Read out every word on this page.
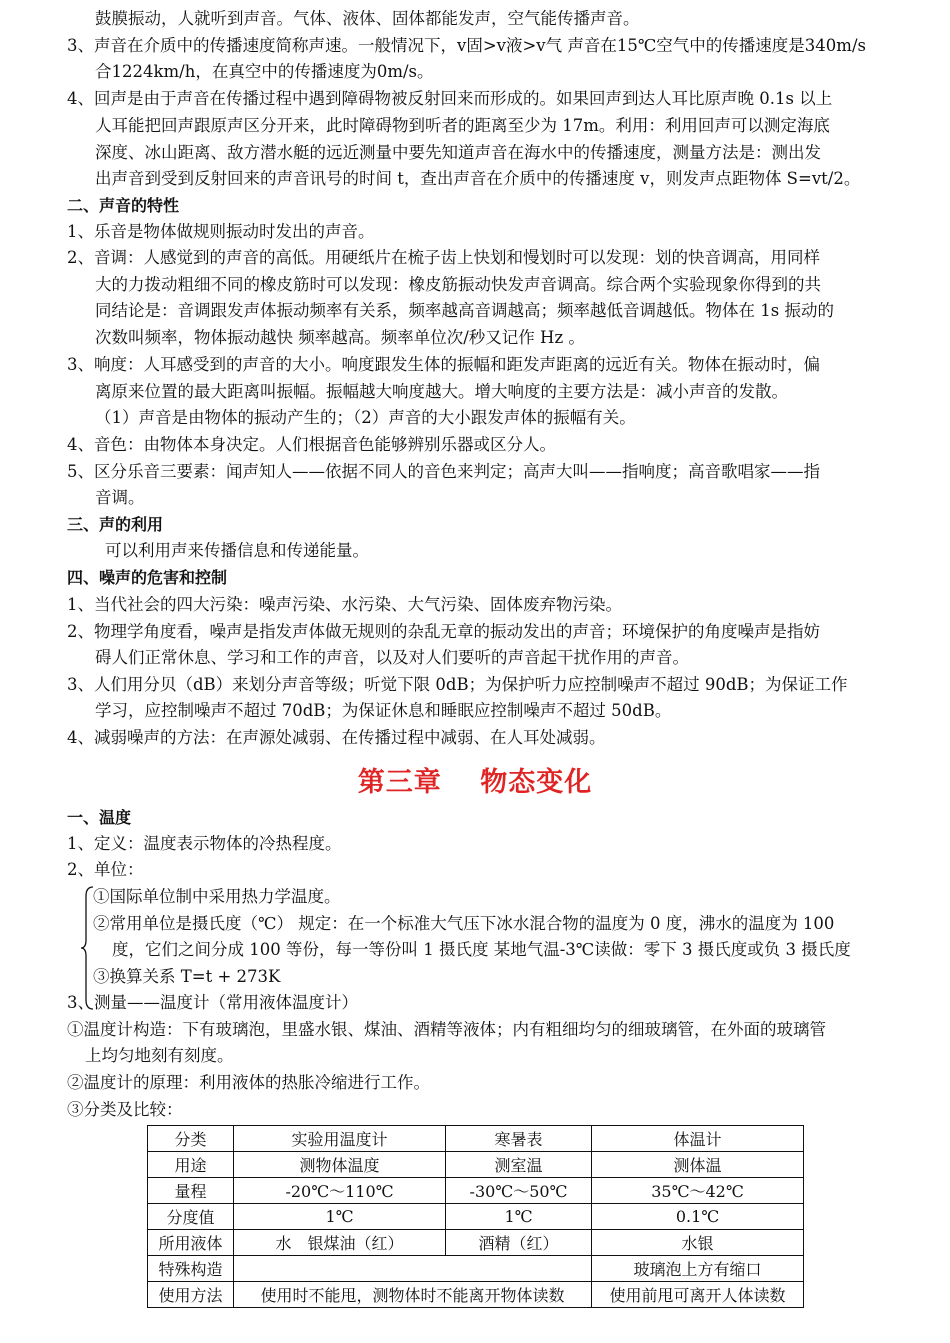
鼓膜振动，人就听到声音。气体、液体、固体都能发声，空气能传播声音。
3、声音在介质中的传播速度简称声速。一般情况下，v固>v液>v气 声音在15℃空气中的传播速度是340m/s
合1224km/h，在真空中的传播速度为0m/s。
4、回声是由于声音在传播过程中遇到障碍物被反射回来而形成的。如果回声到达人耳比原声晚 0.1s 以上
人耳能把回声跟原声区分开来，此时障碍物到听者的距离至少为 17m。利用：利用回声可以测定海底
深度、冰山距离、敌方潜水艇的远近测量中要先知道声音在海水中的传播速度，测量方法是：测出发
出声音到受到反射回来的声音讯号的时间 t，查出声音在介质中的传播速度 v，则发声点距物体 S=vt/2。
二、声音的特性
1、乐音是物体做规则振动时发出的声音。
2、音调：人感觉到的声音的高低。用硬纸片在梳子齿上快划和慢划时可以发现：划的快音调高，用同样
大的力拨动粗细不同的橡皮筋时可以发现：橡皮筋振动快发声音调高。综合两个实验现象你得到的共
同结论是：音调跟发声体振动频率有关系，频率越高音调越高；频率越低音调越低。物体在 1s 振动的
次数叫频率，物体振动越快 频率越高。频率单位次/秒又记作 Hz 。
3、响度：人耳感受到的声音的大小。响度跟发生体的振幅和距发声距离的远近有关。物体在振动时，偏
离原来位置的最大距离叫振幅。振幅越大响度越大。增大响度的主要方法是：减小声音的发散。
（1）声音是由物体的振动产生的；（2）声音的大小跟发声体的振幅有关。
4、音色：由物体本身决定。人们根据音色能够辨别乐器或区分人。
5、区分乐音三要素：闻声知人——依据不同人的音色来判定；高声大叫——指响度；高音歌唱家——指
音调。
三、声的利用
可以利用声来传播信息和传递能量。
四、噪声的危害和控制
1、当代社会的四大污染：噪声污染、水污染、大气污染、固体废弃物污染。
2、物理学角度看，噪声是指发声体做无规则的杂乱无章的振动发出的声音；环境保护的角度噪声是指妨
碍人们正常休息、学习和工作的声音，以及对人们要听的声音起干扰作用的声音。
3、人们用分贝（dB）来划分声音等级；听觉下限 0dB；为保护听力应控制噪声不超过 90dB；为保证工作
学习，应控制噪声不超过 70dB；为保证休息和睡眠应控制噪声不超过 50dB。
4、减弱噪声的方法：在声源处减弱、在传播过程中减弱、在人耳处减弱。
第三章　 物态变化
一、温度
1、定义：温度表示物体的冷热程度。
2、单位：
①国际单位制中采用热力学温度。
②常用单位是摄氏度（℃） 规定：在一个标准大气压下冰水混合物的温度为 0 度，沸水的温度为 100
度，它们之间分成 100 等份，每一等份叫 1 摄氏度 某地气温-3℃读做：零下 3 摄氏度或负 3 摄氏度
③换算关系 T=t + 273K
3、测量——温度计（常用液体温度计）
①温度计构造：下有玻璃泡，里盛水银、煤油、酒精等液体；内有粗细均匀的细玻璃管，在外面的玻璃管
上均匀地刻有刻度。
②温度计的原理：利用液体的热胀冷缩进行工作。
③分类及比较：
分类	实验用温度计	寒暑表	体温计
用途	测物体温度	测室温	测体温
量程	-20℃～110℃	-30℃～50℃	35℃～42℃
分度值	1℃	1℃	0.1℃
所用液体	水　银煤油（红）	酒精（红）	水银
特殊构造			玻璃泡上方有缩口
使用方法	使用时不能甩，测物体时不能离开物体读数		使用前甩可离开人体读数
